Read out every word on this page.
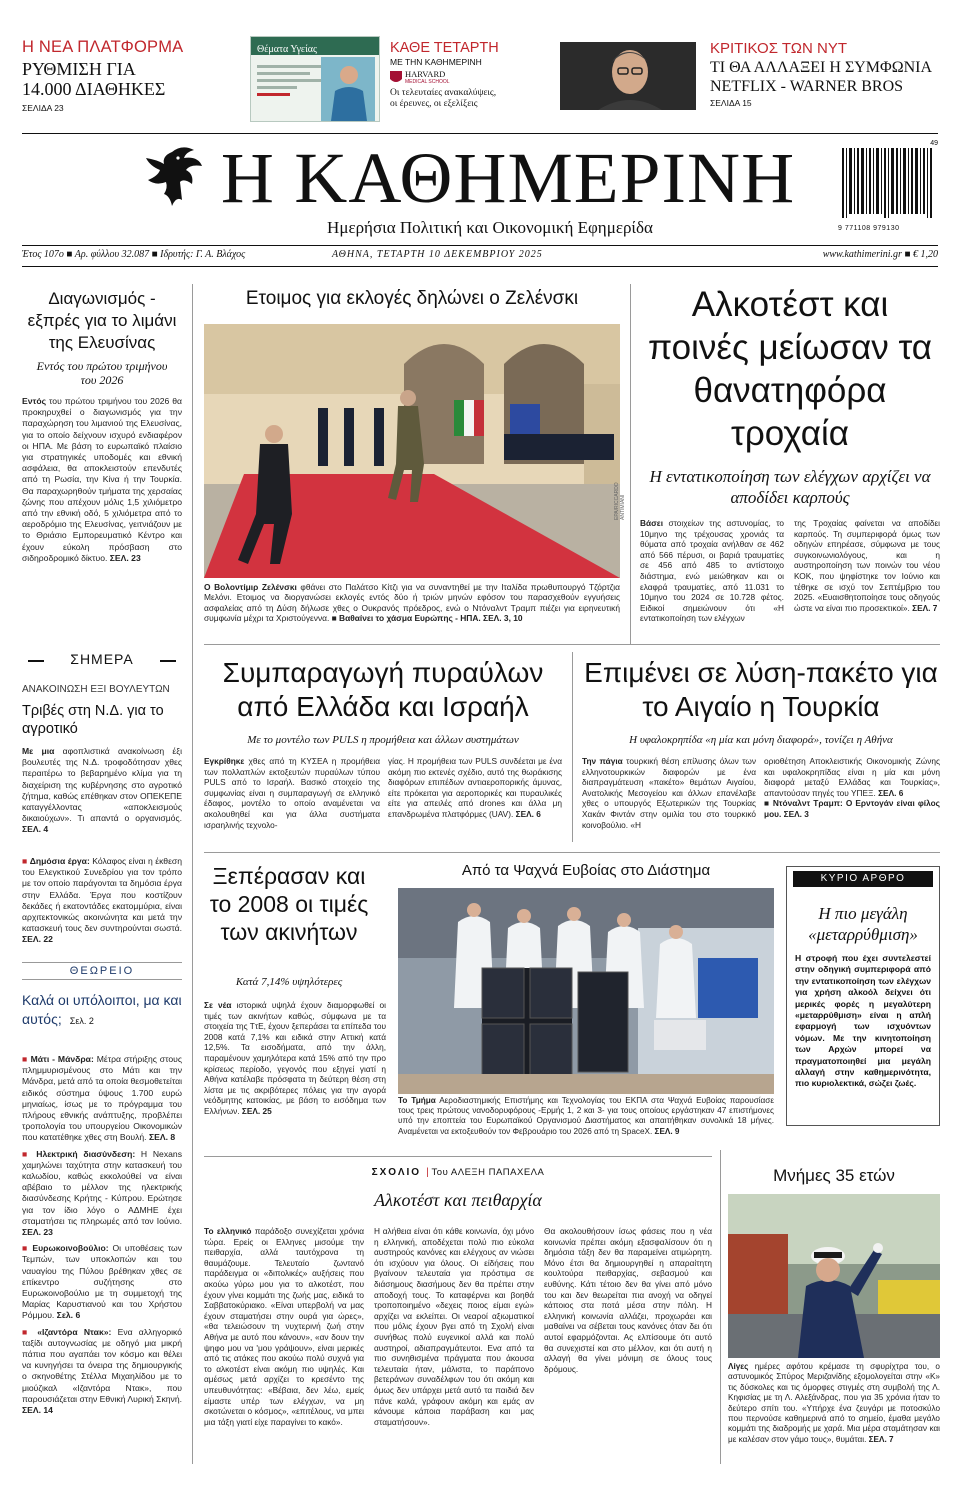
Η ΝΕΑ ΠΛΑΤΦΟΡΜΑ
ΡΥΘΜΙΣΗ ΓΙΑ
14.000 ΔΙΑΘΗΚΕΣ
ΣΕΛΙΔΑ 23
Θέματα Υγείας	ΚΑΘΕ ΤΕΤΑΡΤΗ
ΜΕ ΤΗΝ ΚΑΘΗΜΕΡΙΝΗ
HARVARD
MEDICAL SCHOOL
Οι τελευταίες ανακαλύψεις,
οι έρευνες, οι εξελίξεις
ΚΡΙΤΙΚΟΣ ΤΩΝ NYT
ΤΙ ΘΑ ΑΛΛΑΞΕΙ Η ΣΥΜΦΩΝΙΑ
NETFLIX - WARNER BROS
ΣΕΛΙΔΑ 15
Η ΚΑΘΗΜΕΡΙΝΗ
Ημερήσια Πολιτική και Οικονομική Εφημερίδα
49
9 771108 979130
Έτος 107ο ■ Αρ. φύλλου 32.087 ■ Ιδρυτής: Γ. Α. Βλάχος	ΑΘΗΝΑ, ΤΕΤΑΡΤΗ 10 ΔΕΚΕΜΒΡΙΟΥ 2025	www.kathimerini.gr ■ € 1,20
Διαγωνισμός - εξπρές για το λιμάνι της Ελευσίνας
Εντός του πρώτου τριμήνου του 2026
Εντός του πρώτου τριμήνου του 2026 θα προκηρυχθεί ο διαγωνισμός για την παραχώρηση του λιμανιού της Ελευσίνας, για το οποίο δείχνουν ισχυρό ενδιαφέρον οι ΗΠΑ. Με βάση το ευρωπαϊκό πλαίσιο για στρατηγικές υποδομές και εθνική ασφάλεια, θα αποκλειστούν επενδυτές από τη Ρωσία, την Κίνα ή την Τουρκία. Θα παραχωρηθούν τμήματα της χερσαίας ζώνης που απέχουν μόλις 1,5 χιλιόμετρο από την εθνική οδό, 5 χιλιόμετρα από το αεροδρόμιο της Ελευσίνας, γειτνιάζουν με το Θριάσιο Εμπορευματικό Κέντρο και έχουν εύκολη πρόσβαση στο σιδηροδρομικό δίκτυο. ΣΕΛ. 23
ΣΗΜΕΡΑ
ΑΝΑΚΟΙΝΩΣΗ ΕΞΙ ΒΟΥΛΕΥΤΩΝ
Τριβές στη Ν.Δ. για το αγροτικό
Με μια αφοπλιστικά ανακοίνωση έξι βουλευτές της Ν.Δ. τροφοδότησαν χθες περαιτέρω το βεβαρημένο κλίμα για τη διαχείριση της κυβέρνησης στο αγροτικό ζήτημα, καθώς επέθηκαν στον ΟΠΕΚΕΠΕ καταγγέλλοντας «αποκλεισμούς δικαιούχων». Τι απαντά ο οργανισμός. ΣΕΛ. 4
■ Δημόσια έργα: Κόλαφος είναι η έκθεση του Ελεγκτικού Συνεδρίου για τον τρόπο με τον οποίο παράγονται τα δημόσια έργα στην Ελλάδα. Έργα που κοστίζουν δεκάδες ή εκατοντάδες εκατομμύρια, είναι αρχιτεκτονικώς ακοινώνητα και μετά την κατασκευή τους δεν συντηρούνται σωστά. ΣΕΛ. 22
ΘΕΩΡΕΙΟ
Καλά οι υπόλοιποι, μα και αυτός; Σελ. 2
■ Μάτι - Μάνδρα: Μέτρα στήριξης στους πλημμυρισμένους στο Μάτι και την Μάνδρα, μετά από τα οποία θεσμοθετείται ειδικός σύστημα ύψους 1.700 ευρώ μηνιαίως, ίσως με το πρόγραμμα του πλήρους εθνικής ανάπτυξης, προβλέπει τροπολογία του υπουργείου Οικονομικών που κατατέθηκε χθες στη Βουλή. ΣΕΛ. 8
■ Ηλεκτρική διασύνδεση: Η Nexans χαμηλώνει ταχύτητα στην κατασκευή του καλωδίου, καθώς εκκολούθεί να είναι αβέβαιο το μέλλον της ηλεκτρικής διασύνδεσης Κρήτης - Κύπρου. Ερώτησε για τον ίδιο λόγο ο ΑΔΜΗΕ έχει σταματήσει τις πληρωμές από τον Ιούνιο. ΣΕΛ. 23
■ Ευρωκοινοβούλιο: Οι υποθέσεις των Τεμπών, των υποκλοπών και του ναυαγίου της Πύλου βρέθηκαν χθες σε επίκεντρο συζήτησης στο Ευρωκοινοβούλιο με τη συμμετοχή της Μαρίας Καρυστιανού και του Χρήστου Ρόμμου. Σελ. 6
■ «Ιζαντόρα Ντακ»: Ενα αλληγορικό ταξίδι αυτογνωσίας με οδηγό μια μικρή πάπια που αγαπάει τον κόσμο και θέλει να κυνηγήσει τα όνειρα της δημιουργικής ο σκηνοθέτης Στέλλα Μιχαηλίδου με το μιούζικαλ «Ιζαντόρα Ντακ», που παρουσιάζεται στην Εθνική Λυρική Σκηνή. ΣΕΛ. 14
Ετοιμος για εκλογές δηλώνει ο Ζελένσκι
EPA/RICCARDO ANTIMIANI
Ο Βολοντίμιρ Ζελένσκι φθάνει στο Παλάτσο Κίτζι για να συναντηθεί με την Ιταλίδα πρωθυπουργό Τζόρτζια Μελόνι. Ετοιμος να διοργανώσει εκλογές εντός δύο ή τριών μηνών εφόσον του παρασχεθούν εγγυήσεις ασφαλείας από τη Δύση δήλωσε χθες ο Ουκρανός πρόεδρος, ενώ ο Ντόναλντ Τραμπ πιέζει για ειρηνευτική συμφωνία μέχρι τα Χριστούγεννα. ■ Βαθαίνει το χάσμα Ευρώπης - ΗΠΑ. ΣΕΛ. 3, 10
Αλκοτέστ και ποινές μείωσαν τα θανατηφόρα τροχαία
Η εντατικοποίηση των ελέγχων αρχίζει να αποδίδει καρπούς
Βάσει στοιχείων της αστυνομίας, το 10μηνο της τρέχουσας χρονιάς τα θύματα από τροχαία ανήλθαν σε 462 από 566 πέρυσι, οι βαριά τραυματίες σε 456 από 485 το αντίστοιχο διάστημα, ενώ μειώθηκαν και οι ελαφρά τραυματίες, από 11.031 το 10μηνο του 2024 σε 10.728 φέτος. Ειδικοί σημειώνουν ότι «Η εντατικοποίηση των ελέγχων
της Τροχαίας φαίνεται να αποδίδει καρπούς. Τη συμπεριφορά όμως των οδηγών επηρέασε, σύμφωνα με τους συγκοινωνιολόγους, και η αυστηροποίηση των ποινών του νέου ΚΟΚ, που ψηφίστηκε τον Ιούνιο και τέθηκε σε ισχύ τον Σεπτέμβριο του 2025. «Ευαισθητοποίησε τους οδηγούς ώστε να είναι πιο προσεκτικοί». ΣΕΛ. 7
Συμπαραγωγή πυραύλων από Ελλάδα και Ισραήλ
Με το μοντέλο των PULS η προμήθεια και άλλων συστημάτων
Εγκρίθηκε χθες από τη ΚΥΣΕΑ η προμήθεια των πολλαπλών εκτοξευτών πυραύλων τύπου PULS από το Ισραήλ. Βασικό στοιχείο της συμφωνίας είναι η συμπαραγωγή σε ελληνικό έδαφος, μοντέλο το οποίο αναμένεται να ακολουθηθεί και για άλλα συστήματα ισραηλινής τεχνολο-
γίας. Η προμήθεια των PULS συνδέεται με ένα ακόμη πιο εκτενές σχέδιο, αυτό της θωράκισης διαφόρων επιπέδων αντιαεροπορικής άμυνας, είτε πρόκειται για αεροπορικές και πυραυλικές είτε για απειλές από drones και άλλα μη επανδρωμένα πλατφόρμες (UAV). ΣΕΛ. 6
Επιμένει σε λύση-πακέτο για το Αιγαίο η Τουρκία
Η υφαλοκρηπίδα «η μία και μόνη διαφορά», τονίζει η Αθήνα
Την πάγια τουρκική θέση επίλυσης όλων των ελληνοτουρκικών διαφορών με ένα διαπραγμάτευση «πακέτο» θεμάτων Αιγαίου, Ανατολικής Μεσογείου και άλλων επανέλαβε χθες ο υπουργός Εξωτερικών της Τουρκίας Χακάν Φιντάν στην ομιλία του στο τουρκικό κοινοβούλιο. «Η
οριοθέτηση Αποκλειστικής Οικονομικής Ζώνης και υφαλοκρηπίδας είναι η μία και μόνη διαφορά μεταξύ Ελλάδας και Τουρκίας», απαντούσαν πηγές του ΥΠΕΞ. ΣΕΛ. 6
■ Ντόναλντ Τραμπ: Ο Ερντογάν είναι φίλος μου. ΣΕΛ. 3
Ξεπέρασαν και το 2008 οι τιμές των ακινήτων
Κατά 7,14% υψηλότερες
Σε νέα ιστορικά υψηλά έχουν διαμορφωθεί οι τιμές των ακινήτων καθώς, σύμφωνα με τα στοιχεία της ΤτΕ, έχουν ξεπεράσει τα επίπεδα του 2008 κατά 7,1% και ειδικά στην Αττική κατά 12,5%. Τα εισοδήματα, από την άλλη, παραμένουν χαμηλότερα κατά 15% από την προ κρίσεως περίοδο, γεγονός που εξηγεί γιατί η Αθήνα κατέλαβε πρόσφατα τη δεύτερη θέση στη λίστα με τις ακριβότερες πόλεις για την αγορά νεόδμητης κατοικίας, με βάση το εισόδημα των Ελλήνων. ΣΕΛ. 25
Από τα Ψαχνά Ευβοίας στο Διάστημα
Το Τμήμα Αεροδιαστημικής Επιστήμης και Τεχνολογίας του ΕΚΠΑ στα Ψαχνά Ευβοίας παρουσίασε τους τρεις πρώτους νανοδορυφόρους -Ερμής 1, 2 και 3- για τους οποίους εργάστηκαν 47 επιστήμονες υπό την εποπτεία του Ευρωπαϊκού Οργανισμού Διαστήματος και απαιτήθηκαν συνολικά 18 μήνες. Αναμένεται να εκτοξευθούν τον Φεβρουάριο του 2026 από τη SpaceX. ΣΕΛ. 9
ΚΥΡΙΟ ΑΡΘΡΟ
Η πιο μεγάλη «μεταρρύθμιση»
Η στροφή που έχει συντελεστεί στην οδηγική συμπεριφορά από την εντατικοποίηση των ελέγχων για χρήση αλκοόλ δείχνει ότι μερικές φορές η μεγαλύτερη «μεταρρύθμιση» είναι η απλή εφαρμογή των ισχυόντων νόμων. Με την κινητοποίηση των Αρχών μπορεί να πραγματοποιηθεί μια μεγάλη αλλαγή στην καθημερινότητα, πιο κυριολεκτικά, σώζει ζωές.
ΣΧΟΛΙΟ | Του ΑΛΕΞΗ ΠΑΠΑΧΕΛΑ
Αλκοτέστ και πειθαρχία
Το ελληνικό παράδοξο συνεχίζεται χρόνια τώρα. Ερείς οι Ελληνες μισούμε την πειθαρχία, αλλά ταυτόχρονα τη θαυμάζουμε. Τελευταίο ζωντανό παράδειγμα οι «διπολικές» αυξήσεις που ακούω γύρω μου για το αλκοτέστ, που έχουν γίνει κομμάτι της ζωής μας, ειδικά το Σαββατοκύριακο. «Είναι υπερβολή να μας έχουν σταματήσει στην ουρά για ώρες», «θα τελειώσουν τη νυχτερινή ζωή στην Αθήνα με αυτό που κάνουν», «αν δουν την ψηφο μου να 'μου γράψουν», είναι μερικές από τις ατάκες που ακούω πολύ συχνά για το αλκοτέστ είναι ακόμη πιο υψηλές. Και αμέσως μετά αρχίζει το κρεσέντο της υπευθυνότητας: «Βέβαια, δεν λέω, εμείς είμαστε υπέρ των ελέγχων, να μη σκοτώνεται ο κόσμος», «επιτέλους, να μπει μια τάξη γιατί είχε παραγίνει το κακό».
Η αλήθεια είναι ότι κάθε κοινωνία, όχι μόνο η ελληνική, αποδέχεται πολύ πιο εύκολα αυστηρούς κανόνες και ελέγχους αν νιώσει ότι ισχύουν για όλους. Οι είδήσεις που βγαίνουν τελευταία για πρόστιμα σε διάσημους διασήμους δεν θα πρέπει στην αποδοχή τους. Το καταφέρνει και βοηθά τροποποιημένο «δεχεις ποιος είμαι εγώ» αρχίζει να εκλείπει. Οι νεαροί αξιωματικοί που μόλις έχουν βγει από τη Σχολή είναι συνήθως πολύ ευγενικοί αλλά και πολύ αυστηροί, αδιαπραγμάτευτοι. Ενα από τα πιο συνηθισμένα πράγματα που άκουσα τελευταία ήταν, μάλιστα, το παράπονο βετεράνων συναδέλφων του ότι ακόμη και όμως δεν υπάρχει μετά αυτό τα παιδιά δεν πάνε καλά, γράφουν ακόμη και εμάς αν κάνουμε κάποια παράβαση και μας σταματήσουν».
Θα ακολουθήσουν ίσως φάσεις που η νέα κοινωνία πρέπει ακόμη εξασφαλίσουν ότι η δημόσια τάξη δεν θα παραμείνει ατιμώρητη. Μόνο έτσι θα δημιουργηθεί η απαραίτητη κουλτούρα πειθαρχίας, σεβασμού και ευθύνης. Κάτι τέτοιο δεν θα γίνει από μόνο του και δεν θεωρείται πια ανοχή να οδηγεί κάποιος στα ποτά μέσα στην πόλη. Η ελληνική κοινωνία αλλάζει, προχωράει και μαθαίνει να σέβεται τους κανόνες όταν δει ότι αυτοί εφαρμόζονται. Ας ελπίσουμε ότι αυτό θα συνεχιστεί και στο μέλλον, και ότι αυτή η αλλαγή θα γίνει μόνιμη σε όλους τους δρόμους.
Μνήμες 35 ετών
Λίγες ημέρες αφότου κρέμασε τη σφυρίχτρα του, ο αστυνομικός Σπύρος Μεριζανίδης εξομολογείται στην «Κ» τις δύσκολες και τις όμορφες στιγμές στη συμβολή της Λ. Κηφισίας με τη Λ. Αλεξάνδρας, που για 35 χρόνια ήταν το δεύτερο σπίτι του. «Υπήρχε ένα ζευγάρι με ποτοσκύλο που περνούσε καθημερινά από το σημείο, έμαθα μεγάλο κομμάτι της διαδρομής με χαρά. Μια μέρα σταμάτησαν και με καλέσαν στον γάμο τους», θυμάται. ΣΕΛ. 7
